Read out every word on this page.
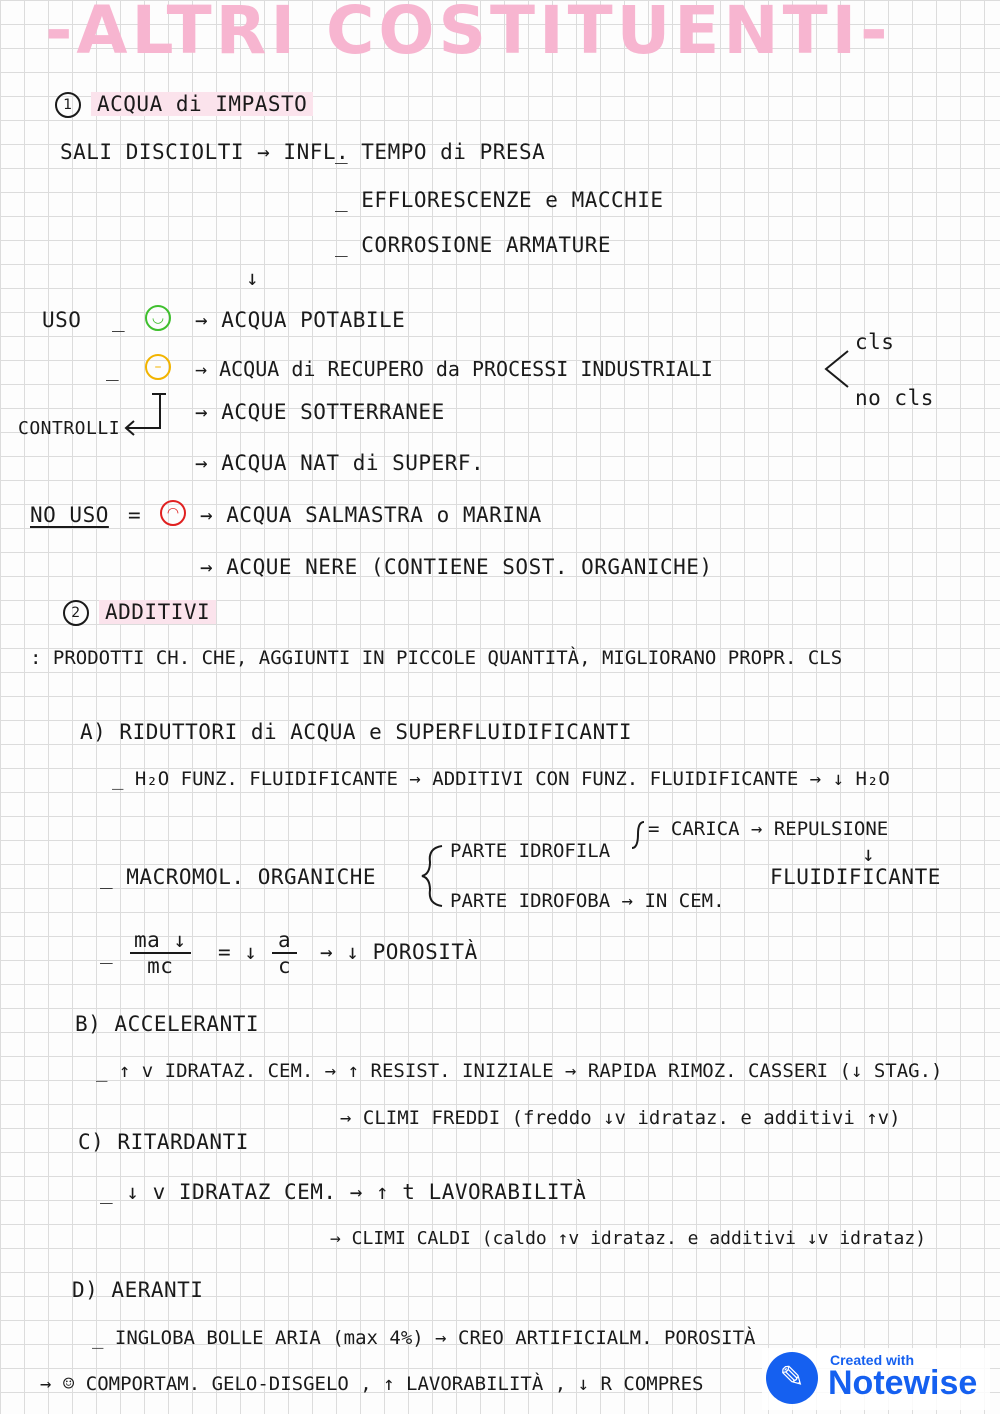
-ALTRI COSTITUENTI-
1 ACQUA di IMPASTO
SALI DISCIOLTI → INFL.
_ TEMPO di PRESA
_ EFFLORESCENZE e MACCHIE
_ CORROSIONE ARMATURE
↓
USO _	◡	→ ACQUA POTABILE
_	–	→ ACQUA di RECUPERO da PROCESSI INDUSTRIALI
cls
no cls
CONTROLLI
→ ACQUE SOTTERRANEE
→ ACQUA NAT di SUPERF.
NO USO =	◠ → ACQUA SALMASTRA o MARINA
→ ACQUE NERE (CONTIENE SOST. ORGANICHE)
2 ADDITIVI
: PRODOTTI CH. CHE, AGGIUNTI IN PICCOLE QUANTITÀ, MIGLIORANO PROPR. CLS
A) RIDUTTORI di ACQUA e SUPERFLUIDIFICANTI
_ H₂O FUNZ. FLUIDIFICANTE → ADDITIVI CON FUNZ. FLUIDIFICANTE → ↓ H₂O
_ MACROMOL. ORGANICHE
PARTE IDROFILA
= CARICA → REPULSIONE
↓
FLUIDIFICANTE
PARTE IDROFOBA → IN CEM.
_ $\frac{ma ↓}{mc}$ = ↓ $\frac{a}{c}$ → ↓ POROSITÀ
B) ACCELERANTI
_ ↑ v IDRATAZ. CEM. → ↑ RESIST. INIZIALE → RAPIDA RIMOZ. CASSERI (↓ STAG.)
→ CLIMI FREDDI (freddo ↓v idrataz. e additivi ↑v)
C) RITARDANTI
_ ↓ v IDRATAZ CEM. → ↑ t LAVORABILITÀ
→ CLIMI CALDI (caldo ↑v idrataz. e additivi ↓v idrataz)
D) AERANTI
_ INGLOBA BOLLE ARIA (max 4%) → CREO ARTIFICIALM. POROSITÀ
→ ☺ COMPORTAM. GELO-DISGELO , ↑ LAVORABILITÀ , ↓ R COMPRES	✎	Created with
Notewise
